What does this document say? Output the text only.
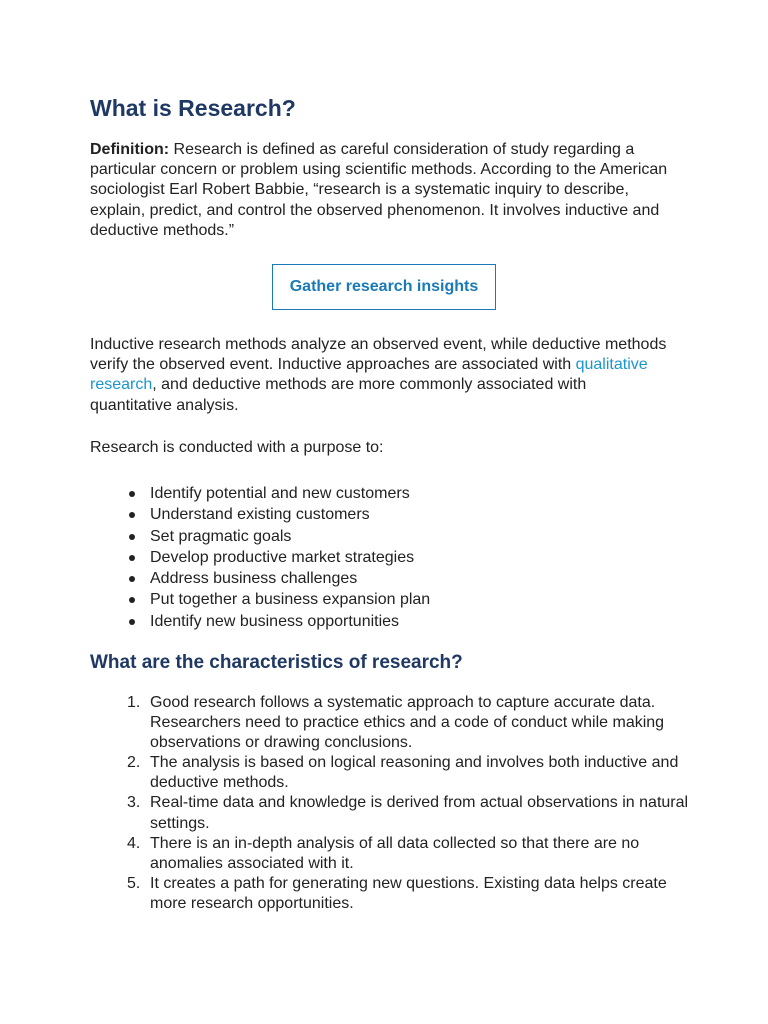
What is Research?

Definition: Research is defined as careful consideration of study regarding a particular concern or problem using scientific methods. According to the American sociologist Earl Robert Babbie, “research is a systematic inquiry to describe, explain, predict, and control the observed phenomenon. It involves inductive and deductive methods.”

Gather research insights

Inductive research methods analyze an observed event, while deductive methods verify the observed event. Inductive approaches are associated with qualitative research, and deductive methods are more commonly associated with quantitative analysis.

Research is conducted with a purpose to:

Identify potential and new customers
Understand existing customers
Set pragmatic goals
Develop productive market strategies
Address business challenges
Put together a business expansion plan
Identify new business opportunities
What are the characteristics of research?
1. Good research follows a systematic approach to capture accurate data. Researchers need to practice ethics and a code of conduct while making observations or drawing conclusions.
2. The analysis is based on logical reasoning and involves both inductive and deductive methods.
3. Real-time data and knowledge is derived from actual observations in natural settings.
4. There is an in-depth analysis of all data collected so that there are no anomalies associated with it.
5. It creates a path for generating new questions. Existing data helps create more research opportunities.
